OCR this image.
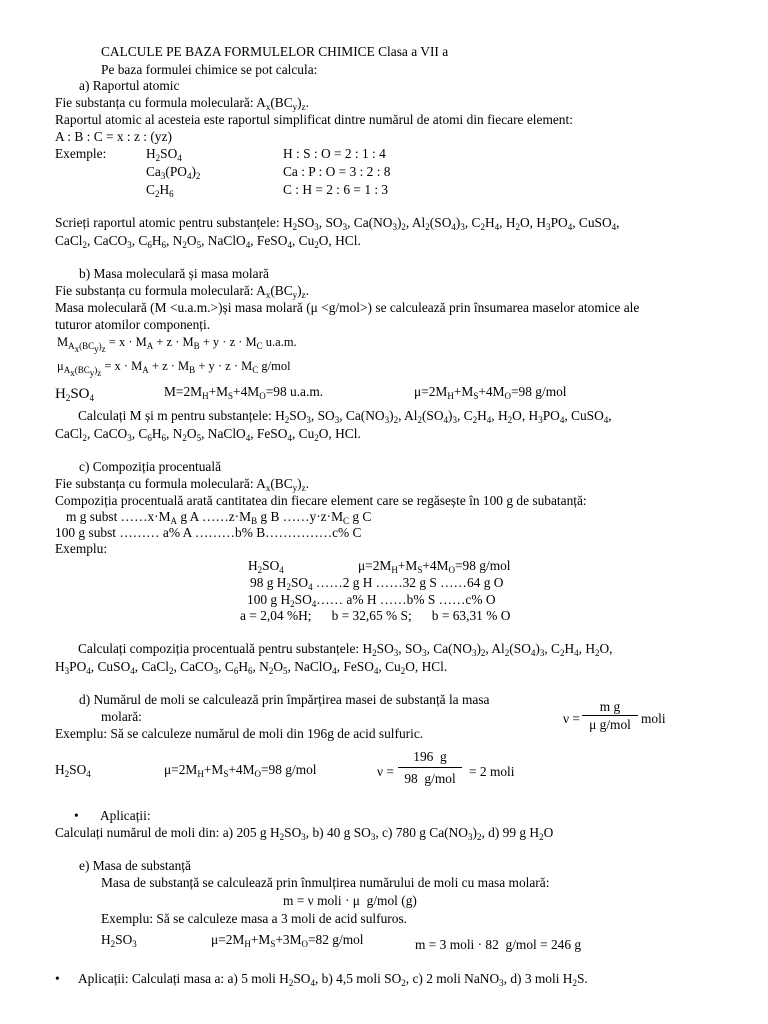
CALCULE PE BAZA FORMULELOR CHIMICE Clasa a VII a
Pe baza formulei chimice se pot calcula:
a) Raportul atomic
Fie substanța cu formula moleculară: $A_x(BC_y)_z$.
Raportul atomic al acesteia este raportul simplificat dintre numărul de atomi din fiecare element:
A : B : C = x : z : (yz)
Exemple:	$H_2SO_4$	H : S : O = 2 : 1 : 4
$Ca_3(PO_4)_2$	Ca : P : O = 3 : 2 : 8
$C_2H_6$	C : H = 2 : 6 = 1 : 3
Scrieți raportul atomic pentru substanțele: $H_2SO_3$, $SO_3$, $Ca(NO_3)_2$, $Al_2(SO_4)_3$, $C_2H_4$, $H_2O$, $H_3PO_4$, CuSO$_4$,
CaCl$_2$, CaCO$_3$, $C_6H_6$, $N_2O_5$, NaClO$_4$, FeSO$_4$, $Cu_2O$, HCl.
b) Masa moleculară și masa molară
Fie substanța cu formula moleculară: $A_x(BC_y)_z$.
Masa moleculară (M <u.a.m.>)și masa molară (μ <g/mol>) se calculează prin însumarea maselor atomice ale
tuturor atomilor componenți.
$M_{A_x(BC_y)_z} = x \cdot M_A + z \cdot M_B + y \cdot z \cdot M_C$ u.a.m.
$\mu_{A_x(BC_y)_z} = x \cdot M_A + z \cdot M_B + y \cdot z \cdot M_C$ g/mol
$H_2SO_4$	$M=2M_H+M_S+4M_O=98$ u.a.m.	$\mu=2M_H+M_S+4M_O=98$ g/mol
Calculați M și m pentru substanțele: $H_2SO_3$, $SO_3$, $Ca(NO_3)_2$, $Al_2(SO_4)_3$, $C_2H_4$, $H_2O$, $H_3PO_4$, CuSO$_4$,
CaCl$_2$, CaCO$_3$, $C_6H_6$, $N_2O_5$, NaClO$_4$, FeSO$_4$, $Cu_2O$, HCl.
c) Compoziția procentuală
Fie substanța cu formula moleculară: $A_x(BC_y)_z$.
Compoziția procentuală arată cantitatea din fiecare element care se regăsește în 100 g de subatanță:
m g subst $\dots\dots x\cdot M_A$ g A $\dots\dots z\cdot M_B$ g B $\dots\dots y\cdot z\cdot M_C$ g C
100 g subst ……… a% A ………b% B……………c% C
Exemplu:
$H_2SO_4$	$\mu=2M_H+M_S+4M_O=98$ g/mol
98 g $H_2SO_4$ ……2 g H ……32 g S ……64 g O
100 g $H_2SO_4\dots\dots$ a% H ……b% S ……c% O
a = 2,04 %H;      b = 32,65 % S;      b = 63,31 % O
Calculați compoziția procentuală pentru substanțele: $H_2SO_3$, $SO_3$, $Ca(NO_3)_2$, $Al_2(SO_4)_3$, $C_2H_4$, $H_2O$,
$H_3PO_4$, CuSO$_4$, CaCl$_2$, CaCO$_3$, $C_6H_6$, $N_2O_5$, NaClO$_4$, FeSO$_4$, $Cu_2O$, HCl.
d) Numărul de moli se calculează prin împărțirea masei de substanță la masa
molară:	ν =
m g
μ g/mol moli
Exemplu: Să se calculeze numărul de moli din 196g de acid sulfuric.
$H_2SO_4$	$\mu=2M_H+M_S+4M_O=98$ g/mol	ν =
196  g
98  g/mol = 2 moli
• Aplicații:
Calculați numărul de moli din: a) 205 g $H_2SO_3$, b) 40 g $SO_3$, c) 780 g $Ca(NO_3)_2$, d) 99 g $H_2O$
e) Masa de substanță
Masa de substanță se calculează prin înmulțirea numărului de moli cu masa molară:
m = ν moli · μ  g/mol (g)
Exemplu: Să se calculeze masa a 3 moli de acid sulfuros.
$H_2SO_3$	$\mu=2M_H+M_S+3M_O=82$ g/mol	m = 3 moli · 82  g/mol = 246 g
• Aplicații: Calculați masa a: a) 5 moli $H_2SO_4$, b) 4,5 moli $SO_2$, c) 2 moli NaNO$_3$, d) 3 moli $H_2S$.
